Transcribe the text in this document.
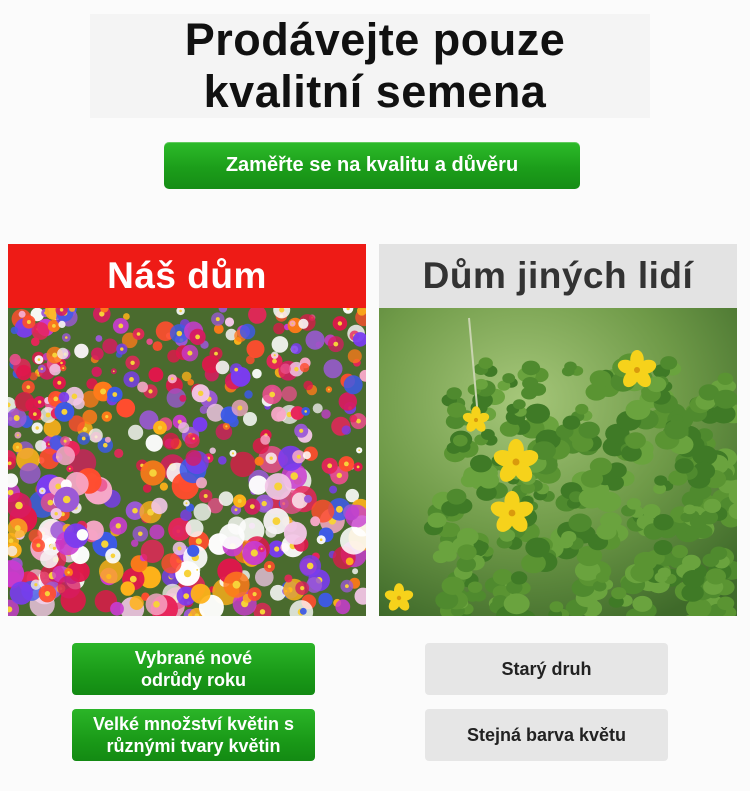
Prodávejte pouze
kvalitní semena
Zaměřte se na kvalitu a důvěru
Náš dům	Dům jiných lidí
Vybrané nové
odrůdy roku
Velké množství květin s
různými tvary květin
Starý druh
Stejná barva květu
